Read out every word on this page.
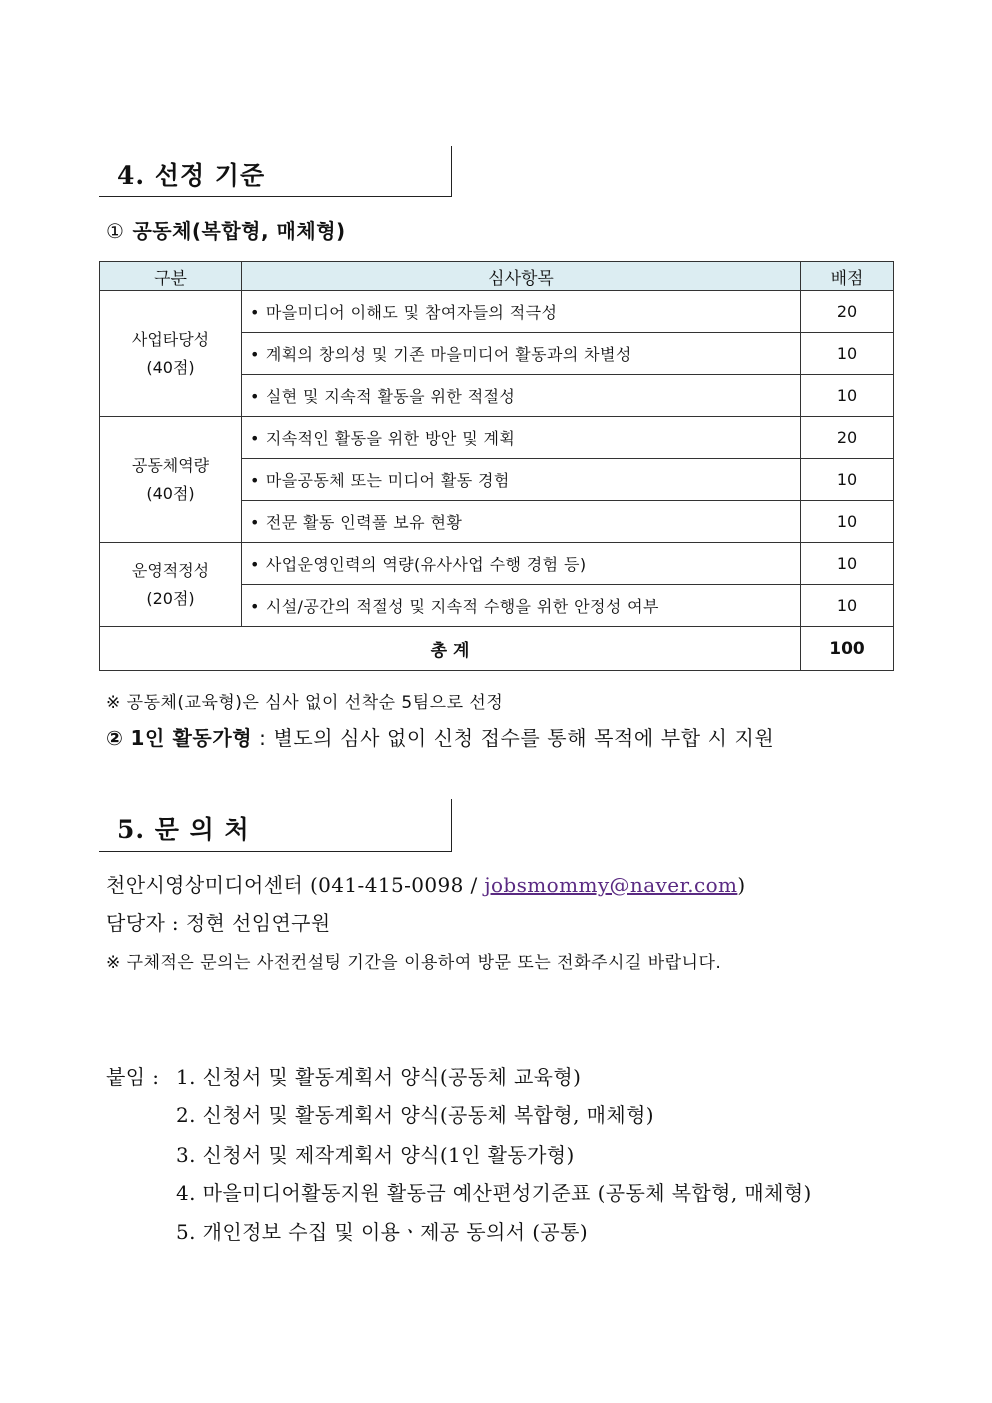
4. 선정 기준
① 공동체(복합형, 매체형)
구분	심사항목	배점

사업타당성
(40점)	• 마을미디어 이해도 및 참여자들의 적극성	20
	• 계획의 창의성 및 기존 마을미디어 활동과의 차별성	10
	• 실현 및 지속적 활동을 위한 적절성	10

공동체역량
(40점)	• 지속적인 활동을 위한 방안 및 계획	20
	• 마을공동체 또는 미디어 활동 경험	10
	• 전문 활동 인력풀 보유 현황	10

운영적정성
(20점)	• 사업운영인력의 역량(유사사업 수행 경험 등)	10
	• 시설/공간의 적절성 및 지속적 수행을 위한 안정성 여부	10
총 계		100
※ 공동체(교육형)은 심사 없이 선착순 5팀으로 선정
② 1인 활동가형 : 별도의 심사 없이 신청 접수를 통해 목적에 부합 시 지원
5. 문 의 처
천안시영상미디어센터 (041-415-0098 / jobsmommy@naver.com)
담당자 : 정현 선임연구원
※ 구체적은 문의는 사전컨설팅 기간을 이용하여 방문 또는 전화주시길 바랍니다.
붙임 : 1. 신청서 및 활동계획서 양식(공동체 교육형)
2. 신청서 및 활동계획서 양식(공동체 복합형, 매체형)
3. 신청서 및 제작계획서 양식(1인 활동가형)
4. 마을미디어활동지원 활동금 예산편성기준표 (공동체 복합형, 매체형)
5. 개인정보 수집 및 이용ㆍ제공 동의서 (공통)
